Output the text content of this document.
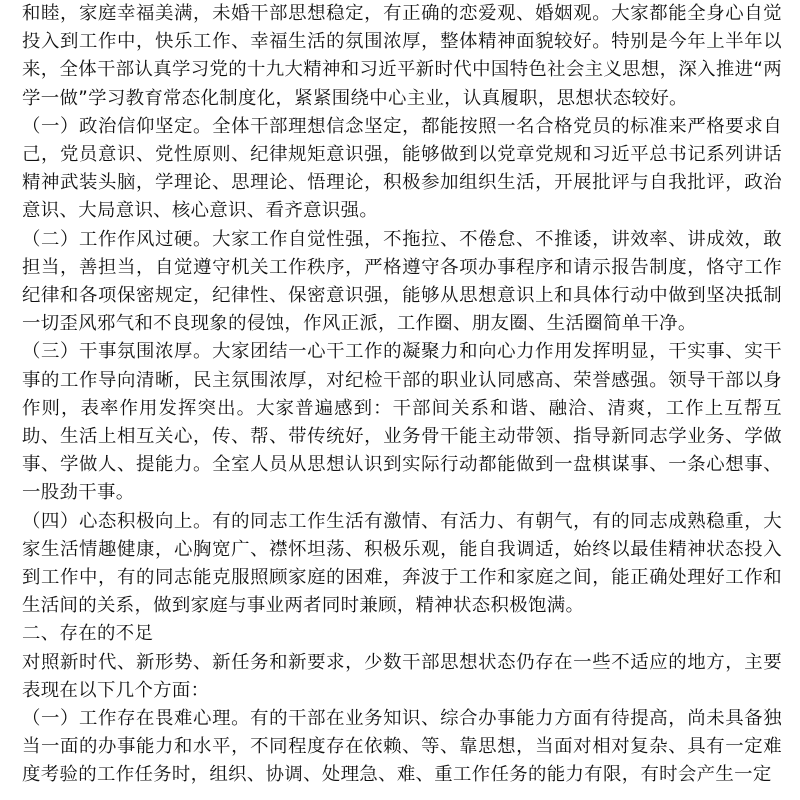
和睦，家庭幸福美满，未婚干部思想稳定，有正确的恋爱观、婚姻观。大家都能全身心自觉投入到工作中，快乐工作、幸福生活的氛围浓厚，整体精神面貌较好。特别是今年上半年以来，全体干部认真学习党的十九大精神和习近平新时代中国特色社会主义思想，深入推进“两学一做”学习教育常态化制度化，紧紧围绕中心主业，认真履职，思想状态较好。

（一）政治信仰坚定。全体干部理想信念坚定，都能按照一名合格党员的标准来严格要求自己，党员意识、党性原则、纪律规矩意识强，能够做到以党章党规和习近平总书记系列讲话精神武装头脑，学理论、思理论、悟理论，积极参加组织生活，开展批评与自我批评，政治意识、大局意识、核心意识、看齐意识强。

（二）工作作风过硬。大家工作自觉性强，不拖拉、不倦怠、不推诿，讲效率、讲成效，敢担当，善担当，自觉遵守机关工作秩序，严格遵守各项办事程序和请示报告制度，恪守工作纪律和各项保密规定，纪律性、保密意识强，能够从思想意识上和具体行动中做到坚决抵制一切歪风邪气和不良现象的侵蚀，作风正派，工作圈、朋友圈、生活圈简单干净。

（三）干事氛围浓厚。大家团结一心干工作的凝聚力和向心力作用发挥明显，干实事、实干事的工作导向清晰，民主氛围浓厚，对纪检干部的职业认同感高、荣誉感强。领导干部以身作则，表率作用发挥突出。大家普遍感到：干部间关系和谐、融洽、清爽，工作上互帮互助、生活上相互关心，传、帮、带传统好，业务骨干能主动带领、指导新同志学业务、学做事、学做人、提能力。全室人员从思想认识到实际行动都能做到一盘棋谋事、一条心想事、一股劲干事。

（四）心态积极向上。有的同志工作生活有激情、有活力、有朝气，有的同志成熟稳重，大家生活情趣健康，心胸宽广、襟怀坦荡、积极乐观，能自我调适，始终以最佳精神状态投入到工作中，有的同志能克服照顾家庭的困难，奔波于工作和家庭之间，能正确处理好工作和生活间的关系，做到家庭与事业两者同时兼顾，精神状态积极饱满。

二、存在的不足

对照新时代、新形势、新任务和新要求，少数干部思想状态仍存在一些不适应的地方，主要表现在以下几个方面：

（一）工作存在畏难心理。有的干部在业务知识、综合办事能力方面有待提高，尚未具备独当一面的办事能力和水平，不同程度存在依赖、等、靠思想，当面对相对复杂、具有一定难度考验的工作任务时，组织、协调、处理急、难、重工作任务的能力有限，有时会产生一定
